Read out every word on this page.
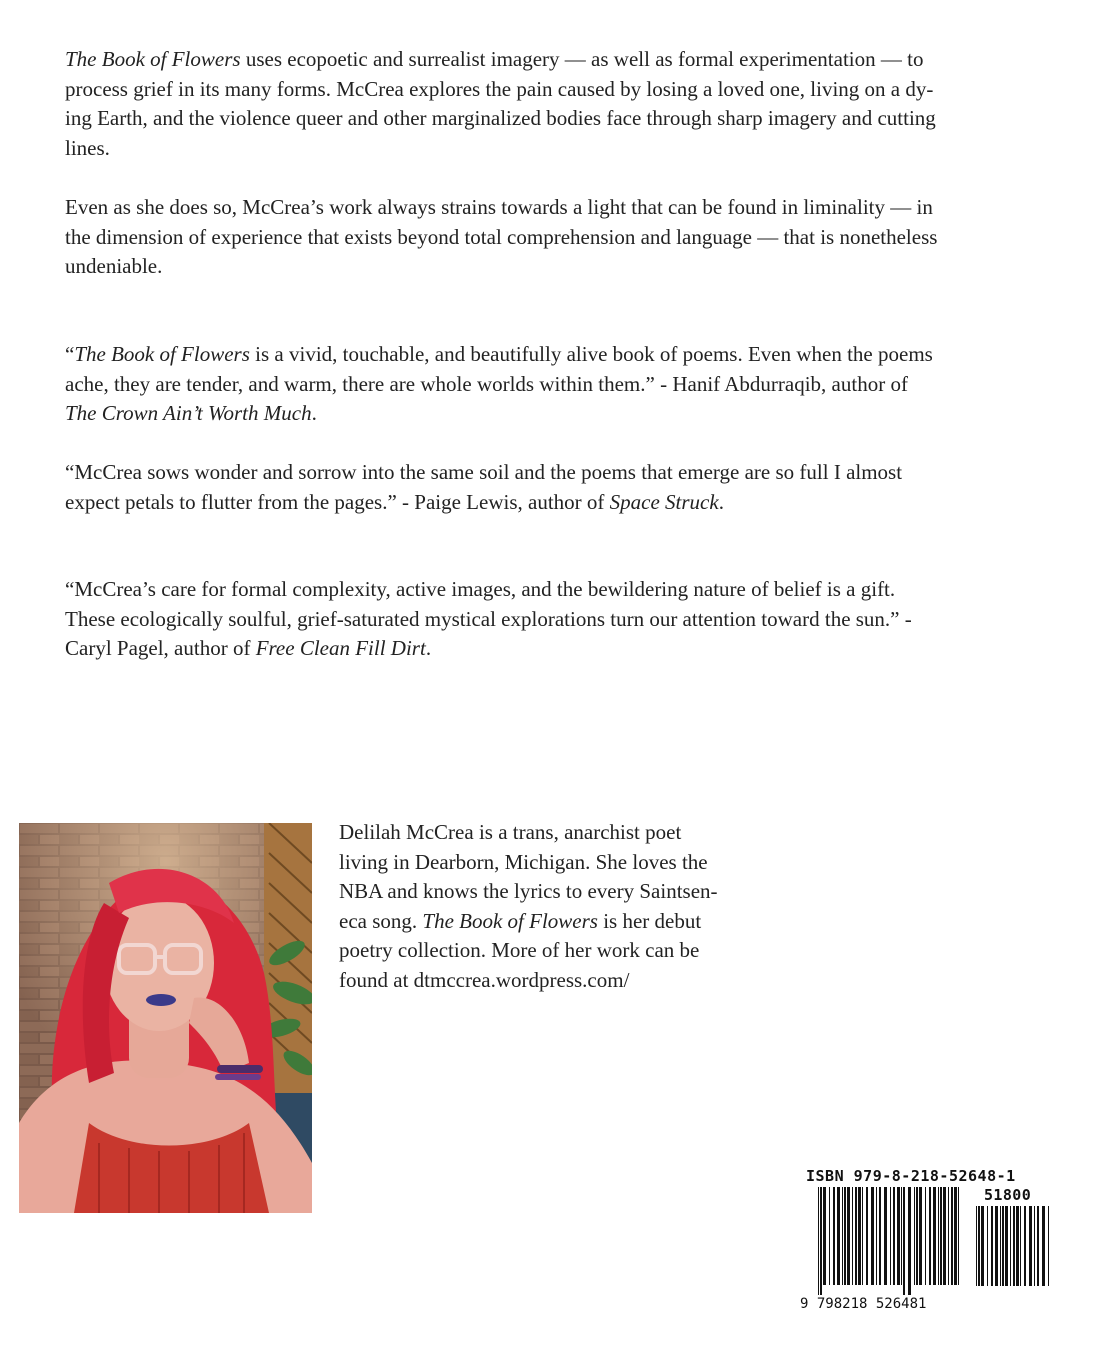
The Book of Flowers uses ecopoetic and surrealist imagery — as well as formal experimentation — to
process grief in its many forms. McCrea explores the pain caused by losing a loved one, living on a dy-
ing Earth, and the violence queer and other marginalized bodies face through sharp imagery and cutting
lines.

Even as she does so, McCrea’s work always strains towards a light that can be found in liminality — in
the dimension of experience that exists beyond total comprehension and language — that is nonetheless
undeniable.

“The Book of Flowers is a vivid, touchable, and beautifully alive book of poems. Even when the poems
ache, they are tender, and warm, there are whole worlds within them.” - Hanif Abdurraqib, author of
The Crown Ain’t Worth Much.

“McCrea sows wonder and sorrow into the same soil and the poems that emerge are so full I almost
expect petals to flutter from the pages.” - Paige Lewis, author of Space Struck.

“McCrea’s care for formal complexity, active images, and the bewildering nature of belief is a gift.
These ecologically soulful, grief-saturated mystical explorations turn our attention toward the sun.” -
Caryl Pagel, author of Free Clean Fill Dirt.

Delilah McCrea is a trans, anarchist poet
living in Dearborn, Michigan. She loves the
NBA and knows the lyrics to every Saintsen-
eca song. The Book of Flowers is her debut
poetry collection. More of her work can be
found at dtmccrea.wordpress.com/

ISBN 979-8-218-52648-1
51800
9 798218 526481
